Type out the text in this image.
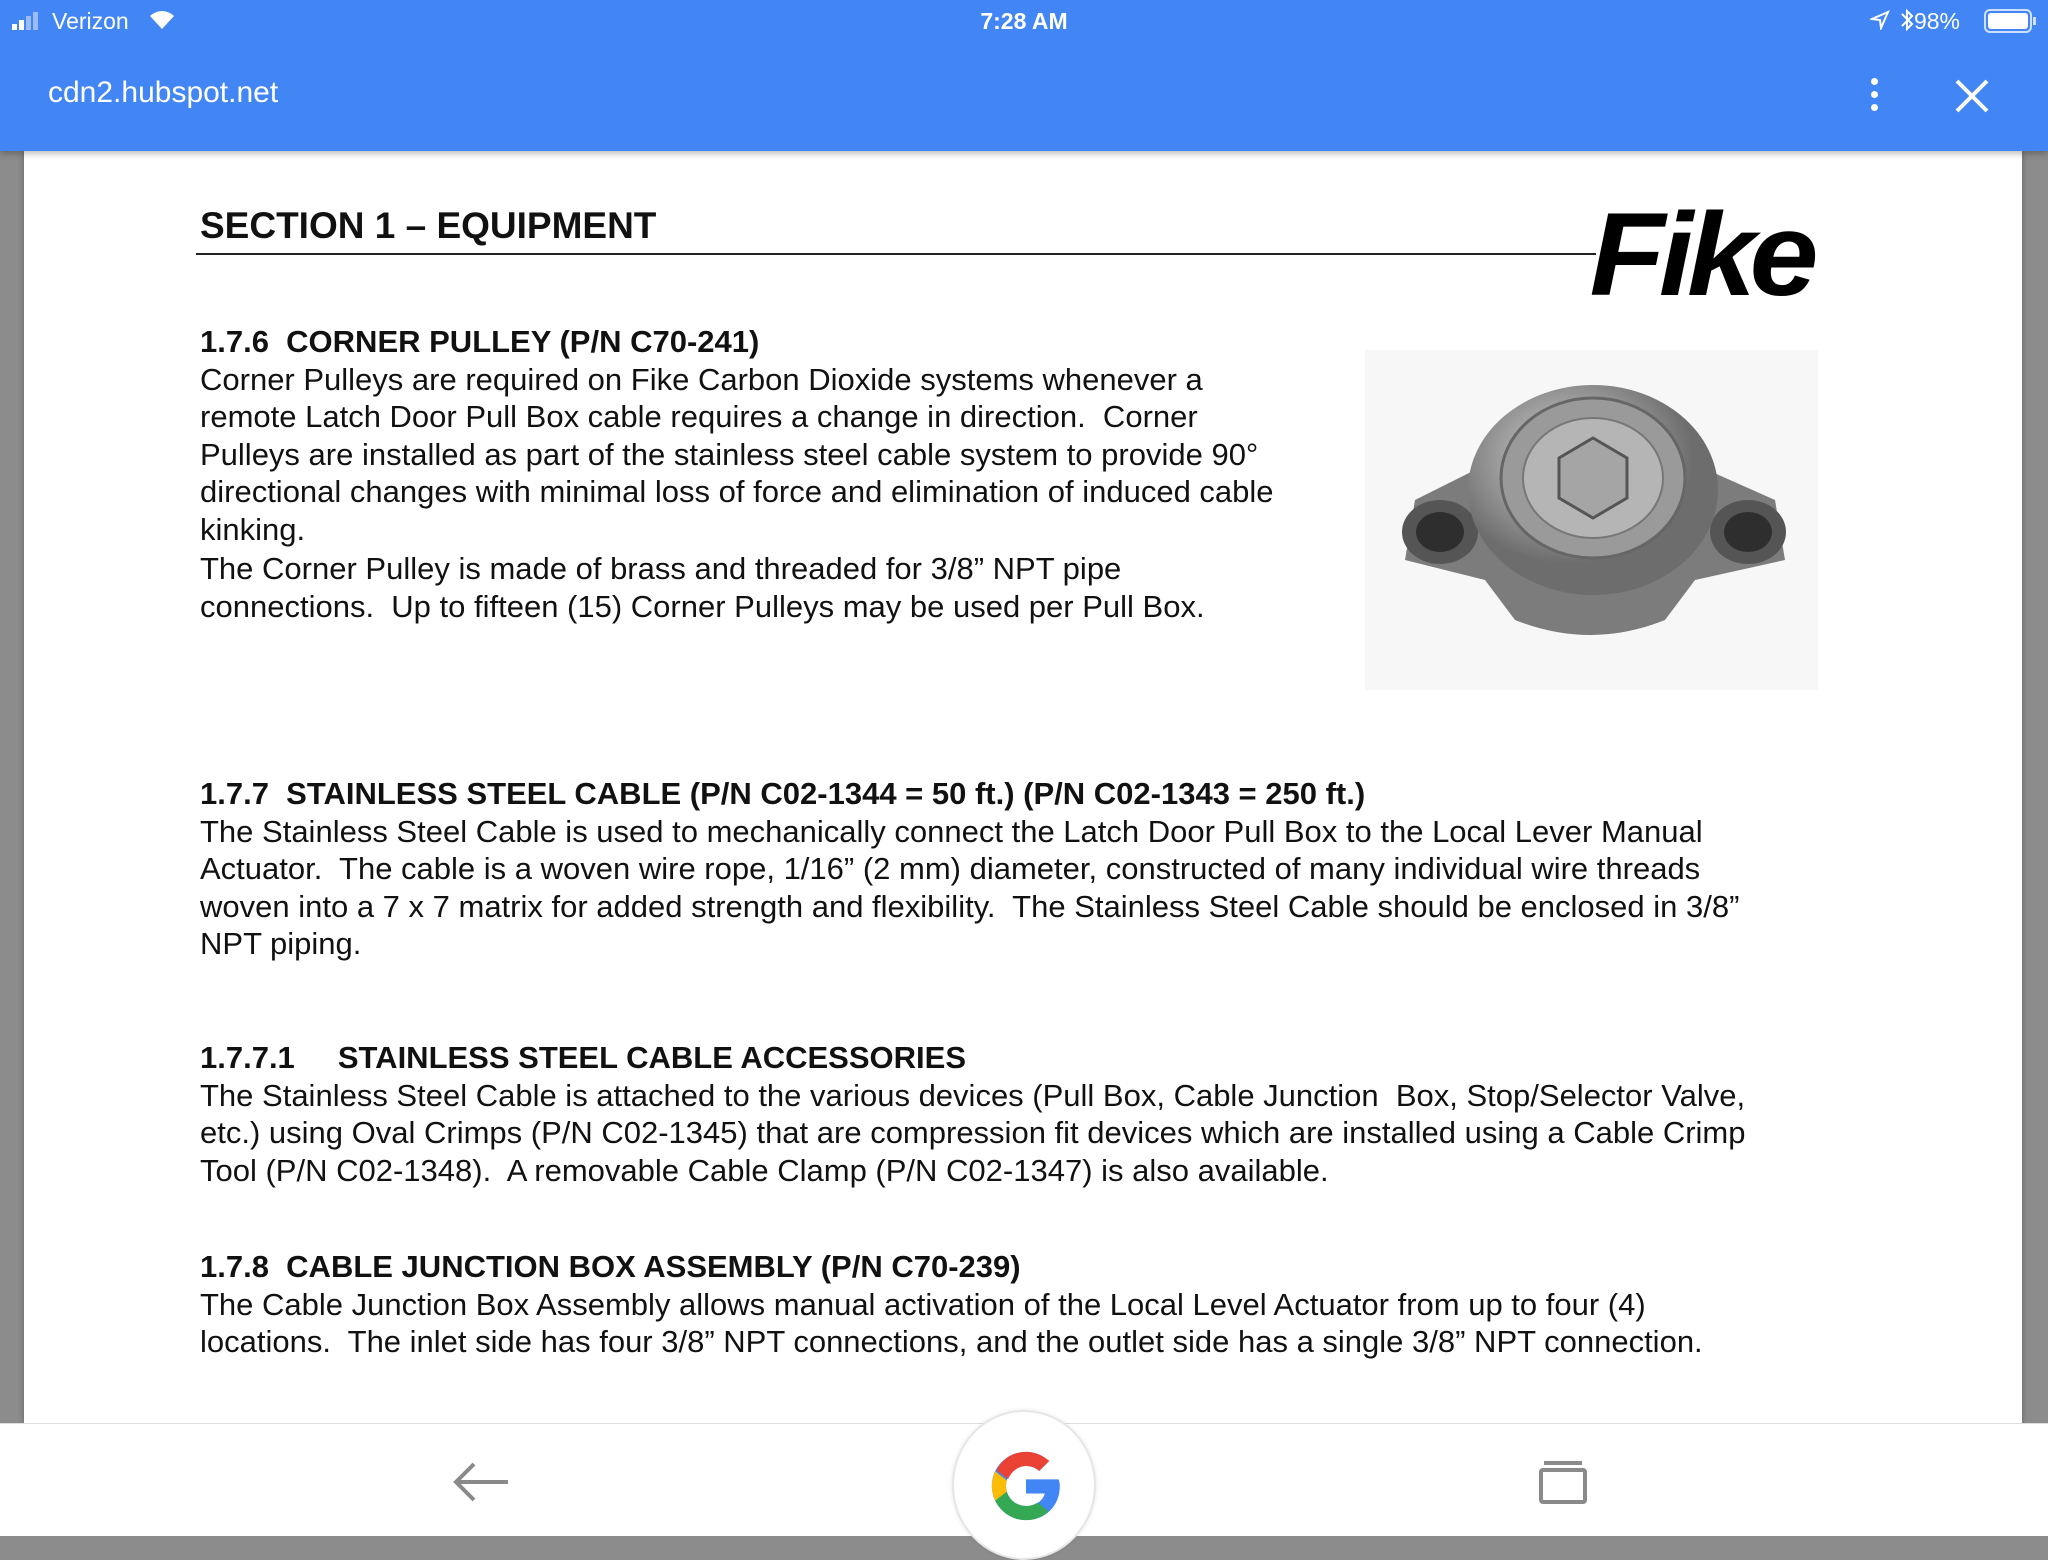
Verizon	7:28 AM	98%
cdn2.hubspot.net
SECTION 1 – EQUIPMENT	Fike
1.7.6  CORNER PULLEY (P/N C70-241)
Corner Pulleys are required on Fike Carbon Dioxide systems whenever a
remote Latch Door Pull Box cable requires a change in direction.  Corner
Pulleys are installed as part of the stainless steel cable system to provide 90°
directional changes with minimal loss of force and elimination of induced cable
kinking.
The Corner Pulley is made of brass and threaded for 3/8” NPT pipe
connections.  Up to fifteen (15) Corner Pulleys may be used per Pull Box.
1.7.7  STAINLESS STEEL CABLE (P/N C02-1344 = 50 ft.) (P/N C02-1343 = 250 ft.)
The Stainless Steel Cable is used to mechanically connect the Latch Door Pull Box to the Local Lever Manual
Actuator.  The cable is a woven wire rope, 1/16” (2 mm) diameter, constructed of many individual wire threads
woven into a 7 x 7 matrix for added strength and flexibility.  The Stainless Steel Cable should be enclosed in 3/8”
NPT piping.
1.7.7.1     STAINLESS STEEL CABLE ACCESSORIES
The Stainless Steel Cable is attached to the various devices (Pull Box, Cable Junction  Box, Stop/Selector Valve,
etc.) using Oval Crimps (P/N C02-1345) that are compression fit devices which are installed using a Cable Crimp
Tool (P/N C02-1348).  A removable Cable Clamp (P/N C02-1347) is also available.
1.7.8  CABLE JUNCTION BOX ASSEMBLY (P/N C70-239)
The Cable Junction Box Assembly allows manual activation of the Local Level Actuator from up to four (4)
locations.  The inlet side has four 3/8” NPT connections, and the outlet side has a single 3/8” NPT connection.
